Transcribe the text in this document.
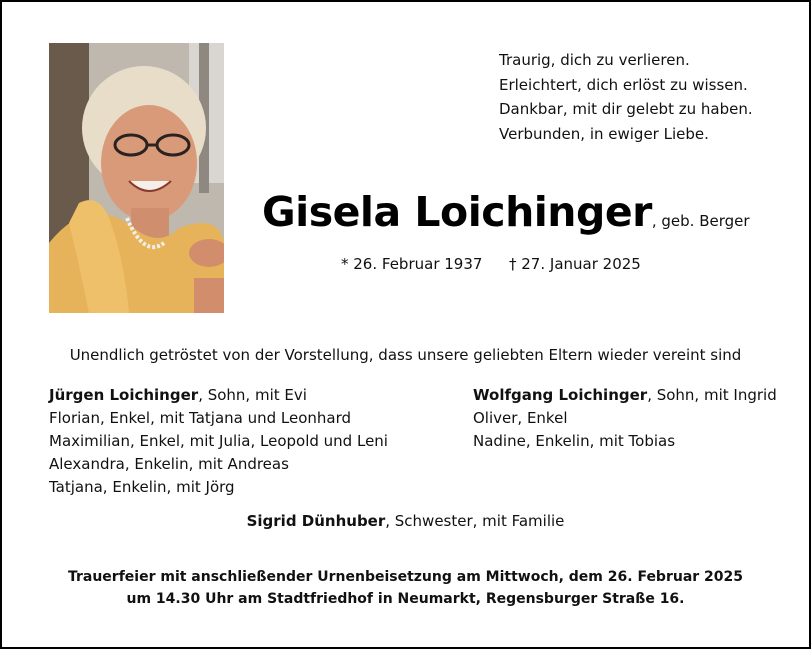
Traurig, dich zu verlieren.
Erleichtert, dich erlöst zu wissen.
Dankbar, mit dir gelebt zu haben.
Verbunden, in ewiger Liebe.
Gisela Loichinger, geb. Berger
* 26. Februar 1937 † 27. Januar 2025
Unendlich getröstet von der Vorstellung, dass unsere geliebten Eltern wieder vereint sind
Jürgen Loichinger, Sohn, mit Evi
Florian, Enkel, mit Tatjana und Leonhard
Maximilian, Enkel, mit Julia, Leopold und Leni
Alexandra, Enkelin, mit Andreas
Tatjana, Enkelin, mit Jörg
Wolfgang Loichinger, Sohn, mit Ingrid
Oliver, Enkel
Nadine, Enkelin, mit Tobias
Sigrid Dünhuber, Schwester, mit Familie
Trauerfeier mit anschließender Urnenbeisetzung am Mittwoch, dem 26. Februar 2025
um 14.30 Uhr am Stadtfriedhof in Neumarkt, Regensburger Straße 16.
